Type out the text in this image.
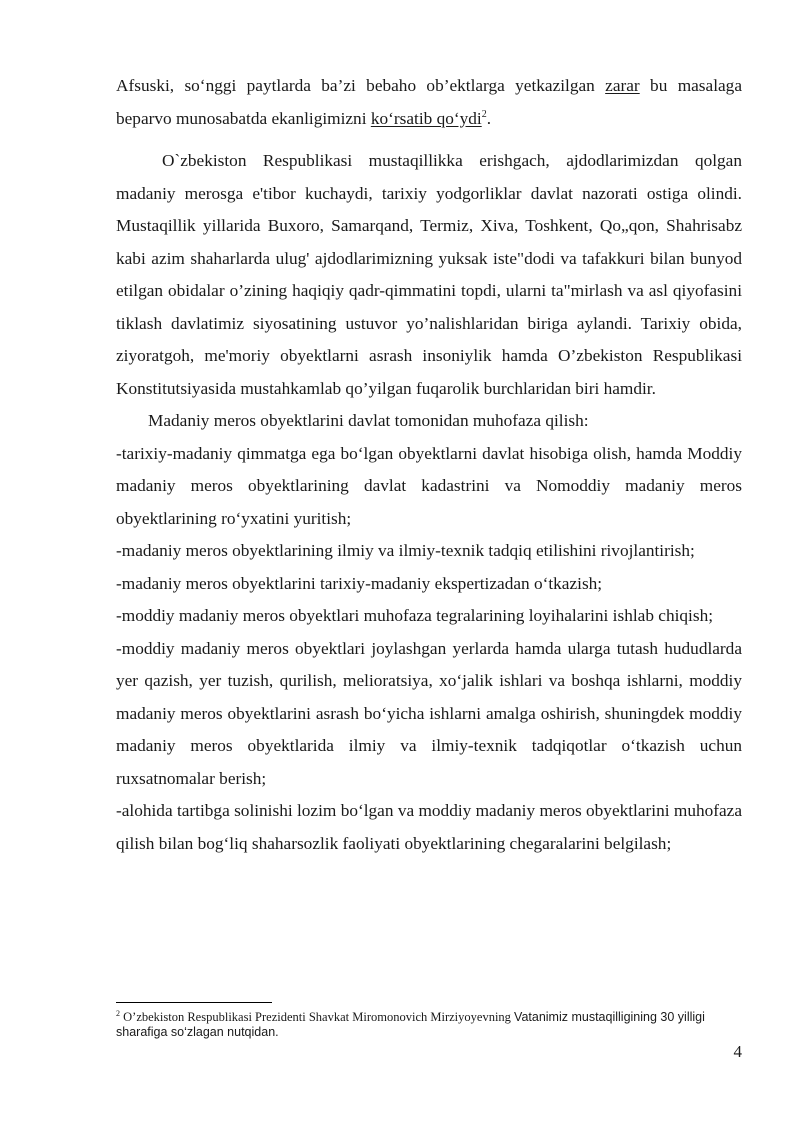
Afsuski, so‘nggi paytlarda ba’zi bebaho ob’ektlarga yetkazilgan zarar bu masalaga beparvo munosabatda ekanligimizni ko‘rsatib qo‘ydi$^2$.

O`zbekiston Respublikasi mustaqillikka erishgach, ajdodlarimizdan qolgan madaniy merosga e'tibor kuchaydi, tarixiy yodgorliklar davlat nazorati ostiga olindi. Mustaqillik yillarida Buxoro, Samarqand, Termiz, Xiva, Toshkent, Qo„qon, Shahrisabz kabi azim shaharlarda ulug' ajdodlarimizning yuksak iste"dodi va tafakkuri bilan bunyod etilgan obidalar o’zining haqiqiy qadr-qimmatini topdi, ularni ta"mirlash va asl qiyofasini tiklash davlatimiz siyosatining ustuvor yo’nalishlaridan biriga aylandi. Tarixiy obida, ziyoratgoh, me'moriy obyektlarni asrash insoniylik hamda O’zbekiston Respublikasi Konstitutsiyasida mustahkamlab qo’yilgan fuqarolik burchlaridan biri hamdir.

Madaniy meros obyektlarini davlat tomonidan muhofaza qilish:

-tarixiy-madaniy qimmatga ega bo‘lgan obyektlarni davlat hisobiga olish, hamda Moddiy madaniy meros obyektlarining davlat kadastrini va Nomoddiy madaniy meros obyektlarining ro‘yxatini yuritish;

-madaniy meros obyektlarining ilmiy va ilmiy-texnik tadqiq etilishini rivojlantirish;

-madaniy meros obyektlarini tarixiy-madaniy ekspertizadan o‘tkazish;

-moddiy madaniy meros obyektlari muhofaza tegralarining loyihalarini ishlab chiqish;

-moddiy madaniy meros obyektlari joylashgan yerlarda hamda ularga tutash hududlarda yer qazish, yer tuzish, qurilish, melioratsiya, xo‘jalik ishlari va boshqa ishlarni, moddiy madaniy meros obyektlarini asrash bo‘yicha ishlarni amalga oshirish, shuningdek moddiy madaniy meros obyektlarida ilmiy va ilmiy-texnik tadqiqotlar o‘tkazish uchun ruxsatnomalar berish;

-alohida tartibga solinishi lozim bo‘lgan va moddiy madaniy meros obyektlarini muhofaza qilish bilan bog‘liq shaharsozlik faoliyati obyektlarining chegaralarini belgilash;

$^2$ O’zbekiston Respublikasi Prezidenti Shavkat Miromonovich Mirziyoyevning Vatanimiz mustaqilligining 30 yilligi sharafiga so‘zlagan nutqidan.
4
